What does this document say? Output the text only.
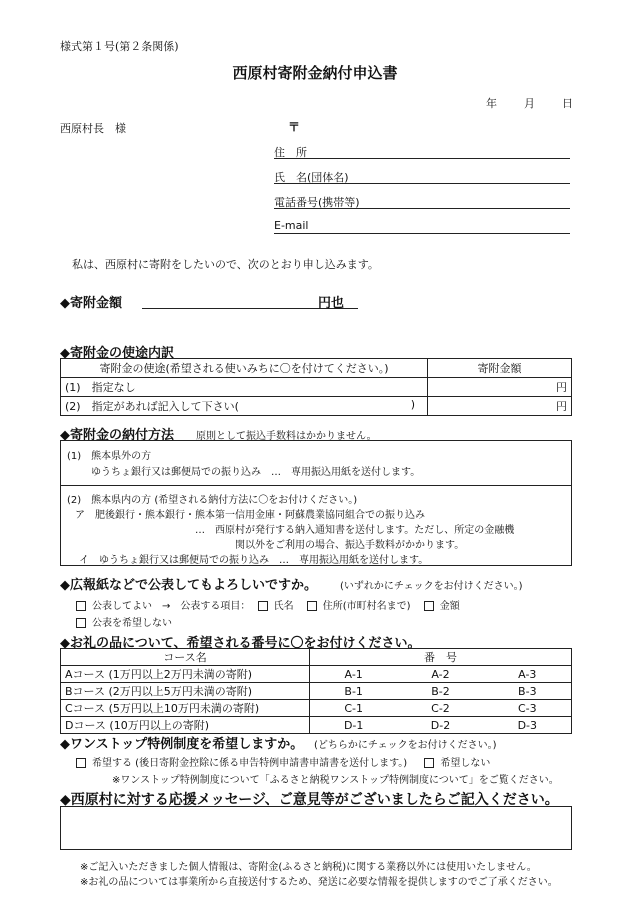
様式第１号(第２条関係)
西原村寄附金納付申込書
年 月 日
西原村長　様	〒
住　所
氏　名(団体名)
電話番号(携帯等)
E‐mail
私は、西原村に寄附をしたいので、次のとおり申し込みます。
◆寄附金額	円也
◆寄附金の使途内訳
寄附金の使途(希望される使いみちに〇を付けてください。)	寄附金額
(1)　指定なし	円
(2)　指定があれば記入して下さい( )	円
◆寄附金の納付方法 原則として振込手数料はかかりません。
(1)　熊本県外の方
ゆうちょ銀行又は郵便局での振り込み　…　専用振込用紙を送付します。
(2)　熊本県内の方 (希望される納付方法に〇をお付けください。)
ア　肥後銀行・熊本銀行・熊本第一信用金庫・阿蘇農業協同組合での振り込み
…　西原村が発行する納入通知書を送付します。ただし、所定の金融機
関以外をご利用の場合、振込手数料がかかります。
イ　ゆうちょ銀行又は郵便局での振り込み　…　専用振込用紙を送付します。
◆広報紙などで公表してもよろしいですか。 (いずれかにチェックをお付けください。)
公表してよい　→　公表する項目： 氏名	住所(市町村名まで)	金額
公表を希望しない
◆お礼の品について、希望される番号に〇をお付けください。
コース名	番　号		
Aコース (1万円以上2万円未満の寄附)	A-1	A-2	A-3
Bコース (2万円以上5万円未満の寄附)	B-1	B-2	B-3
Cコース (5万円以上10万円未満の寄附)	C-1	C-2	C-3
Dコース (10万円以上の寄附)	D-1	D-2	D-3
◆ワンストップ特例制度を希望しますか。 (どちらかにチェックをお付けください。)
希望する (後日寄附金控除に係る申告特例申請書申請書を送付します。)	希望しない
※ワンストップ特例制度について「ふるさと納税ワンストップ特例制度について」をご覧ください。
◆西原村に対する応援メッセージ、ご意見等がございましたらご記入ください。
※ご記入いただきました個人情報は、寄附金(ふるさと納税)に関する業務以外には使用いたしません。
※お礼の品については事業所から直接送付するため、発送に必要な情報を提供しますのでご了承ください。
